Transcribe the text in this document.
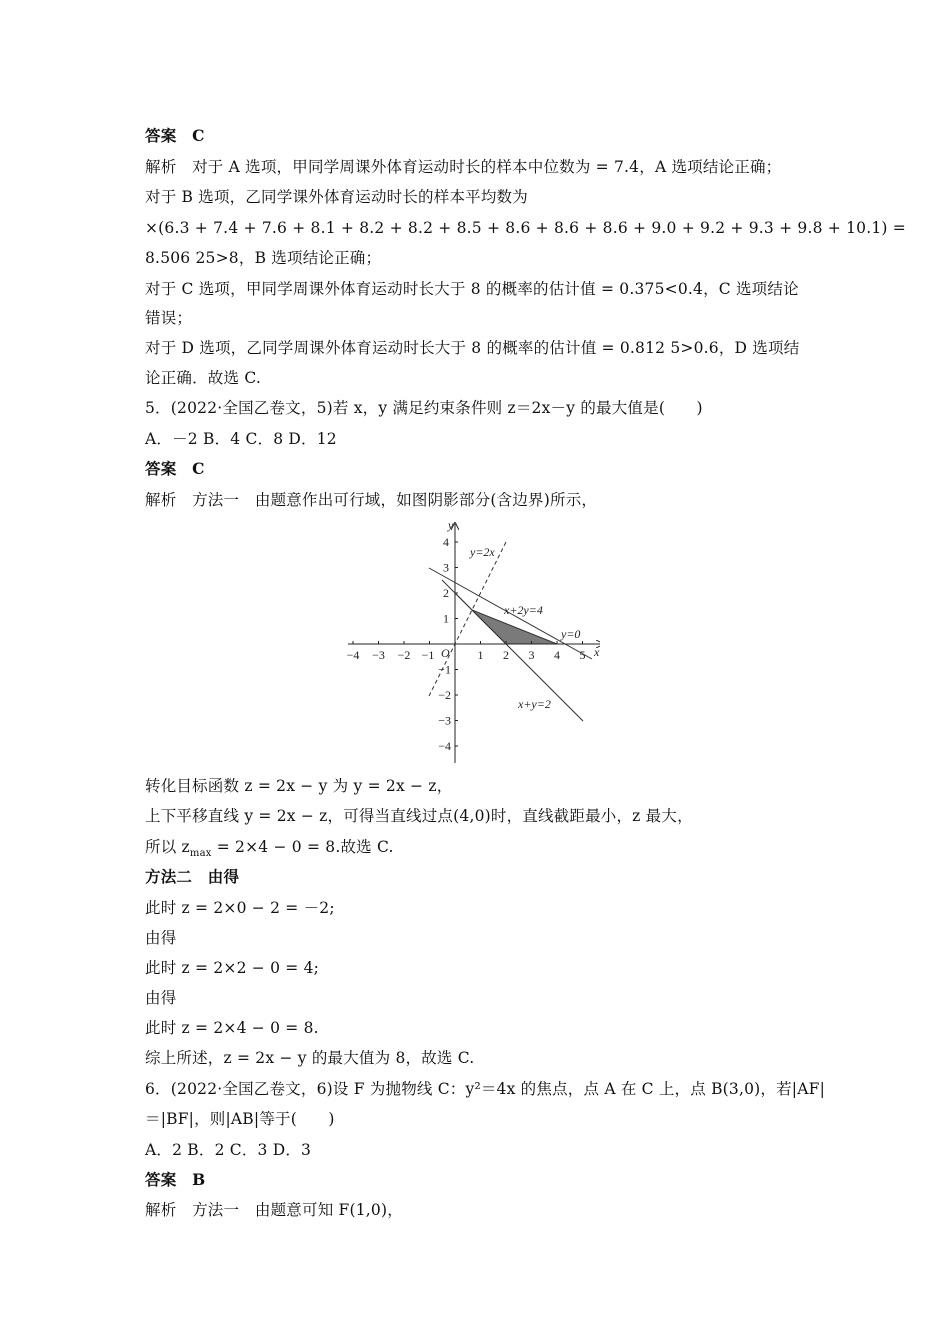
答案　C
解析　对于 A 选项，甲同学周课外体育运动时长的样本中位数为 = 7.4，A 选项结论正确；
对于 B 选项，乙同学课外体育运动时长的样本平均数为
×(6.3 + 7.4 + 7.6 + 8.1 + 8.2 + 8.2 + 8.5 + 8.6 + 8.6 + 8.6 + 9.0 + 9.2 + 9.3 + 9.8 + 10.1) =
8.506 25>8，B 选项结论正确；
对于 C 选项，甲同学周课外体育运动时长大于 8 的概率的估计值 = 0.375<0.4，C 选项结论
错误；
对于 D 选项，乙同学周课外体育运动时长大于 8 的概率的估计值 = 0.812 5>0.6，D 选项结
论正确．故选 C.
5．(2022·全国乙卷文，5)若 x，y 满足约束条件则 z＝2x－y 的最大值是(　　)
A．－2 B．4 C．8 D．12
答案　C
解析　方法一　由题意作出可行域，如图阴影部分(含边界)所示，
−4 −3 −2 −1	1 2 3 4 5
4
3
2
1
−1
−2
−3
−4
y
x
O
y=2x
x+2y=4
y=0
x+y=2
转化目标函数 z = 2x − y 为 y = 2x − z，
上下平移直线 y = 2x − z，可得当直线过点(4,0)时，直线截距最小，z 最大，
所以 $z_{max} = 2\times 4 - 0 = 8$.故选 C.
方法二　由得
此时 z = 2×0 − 2 = －2;
由得
此时 z = 2×2 − 0 = 4;
由得
此时 z = 2×4 − 0 = 8.
综上所述，z = 2x − y 的最大值为 8，故选 C.
6．(2022·全国乙卷文，6)设 F 为抛物线 C：y²＝4x 的焦点，点 A 在 C 上，点 B(3,0)，若|AF|
＝|BF|，则|AB|等于(　　)
A．2 B．2 C．3 D．3
答案　B
解析　方法一　由题意可知 F(1,0)，
